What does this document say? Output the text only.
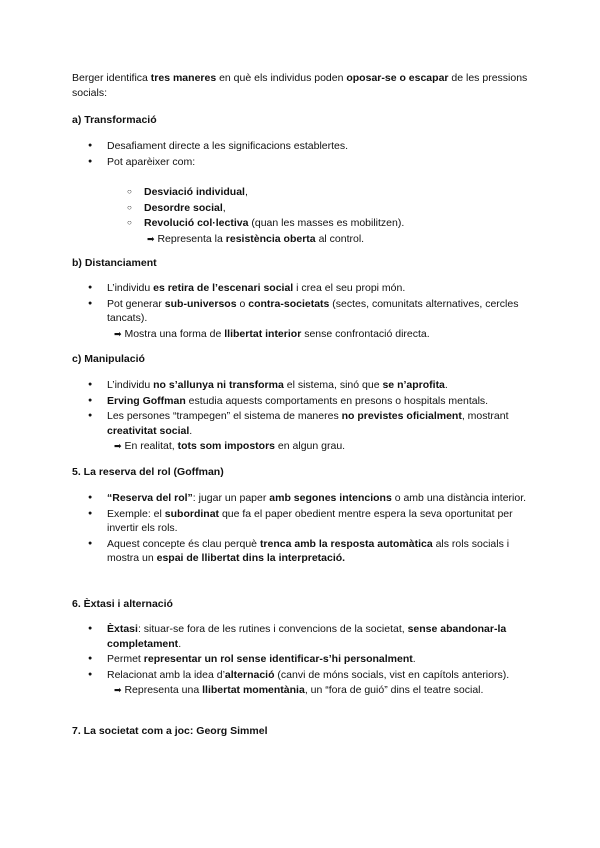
Berger identifica tres maneres en què els individus poden oposar-se o escapar de les pressions socials:

a) Transformació

● Desafiament directe a les significacions establertes.
● Pot aparèixer com:
○ Desviació individual,
○ Desordre social,
○ Revolució col·lectiva (quan les masses es mobilitzen).

➡ Representa la resistència oberta al control.

b) Distanciament

● L’individu es retira de l’escenari social i crea el seu propi món.
● Pot generar sub-universos o contra-societats (sectes, comunitats alternatives, cercles tancats).

➡ Mostra una forma de llibertat interior sense confrontació directa.

c) Manipulació

● L’individu no s’allunya ni transforma el sistema, sinó que se n’aprofita.
● Erving Goffman estudia aquests comportaments en presons o hospitals mentals.
● Les persones “trampegen” el sistema de maneres no previstes oficialment, mostrant creativitat social.

➡ En realitat, tots som impostors en algun grau.

5. La reserva del rol (Goffman)

● “Reserva del rol”: jugar un paper amb segones intencions o amb una distància interior.
● Exemple: el subordinat que fa el paper obedient mentre espera la seva oportunitat per invertir els rols.
● Aquest concepte és clau perquè trenca amb la resposta automàtica als rols socials i mostra un espai de llibertat dins la interpretació.

6. Èxtasi i alternació

● Èxtasi: situar-se fora de les rutines i convencions de la societat, sense abandonar-la completament.
● Permet representar un rol sense identificar-s’hi personalment.
● Relacionat amb la idea d’alternació (canvi de móns socials, vist en capítols anteriors).

➡ Representa una llibertat momentània, un “fora de guió” dins el teatre social.

7. La societat com a joc: Georg Simmel
